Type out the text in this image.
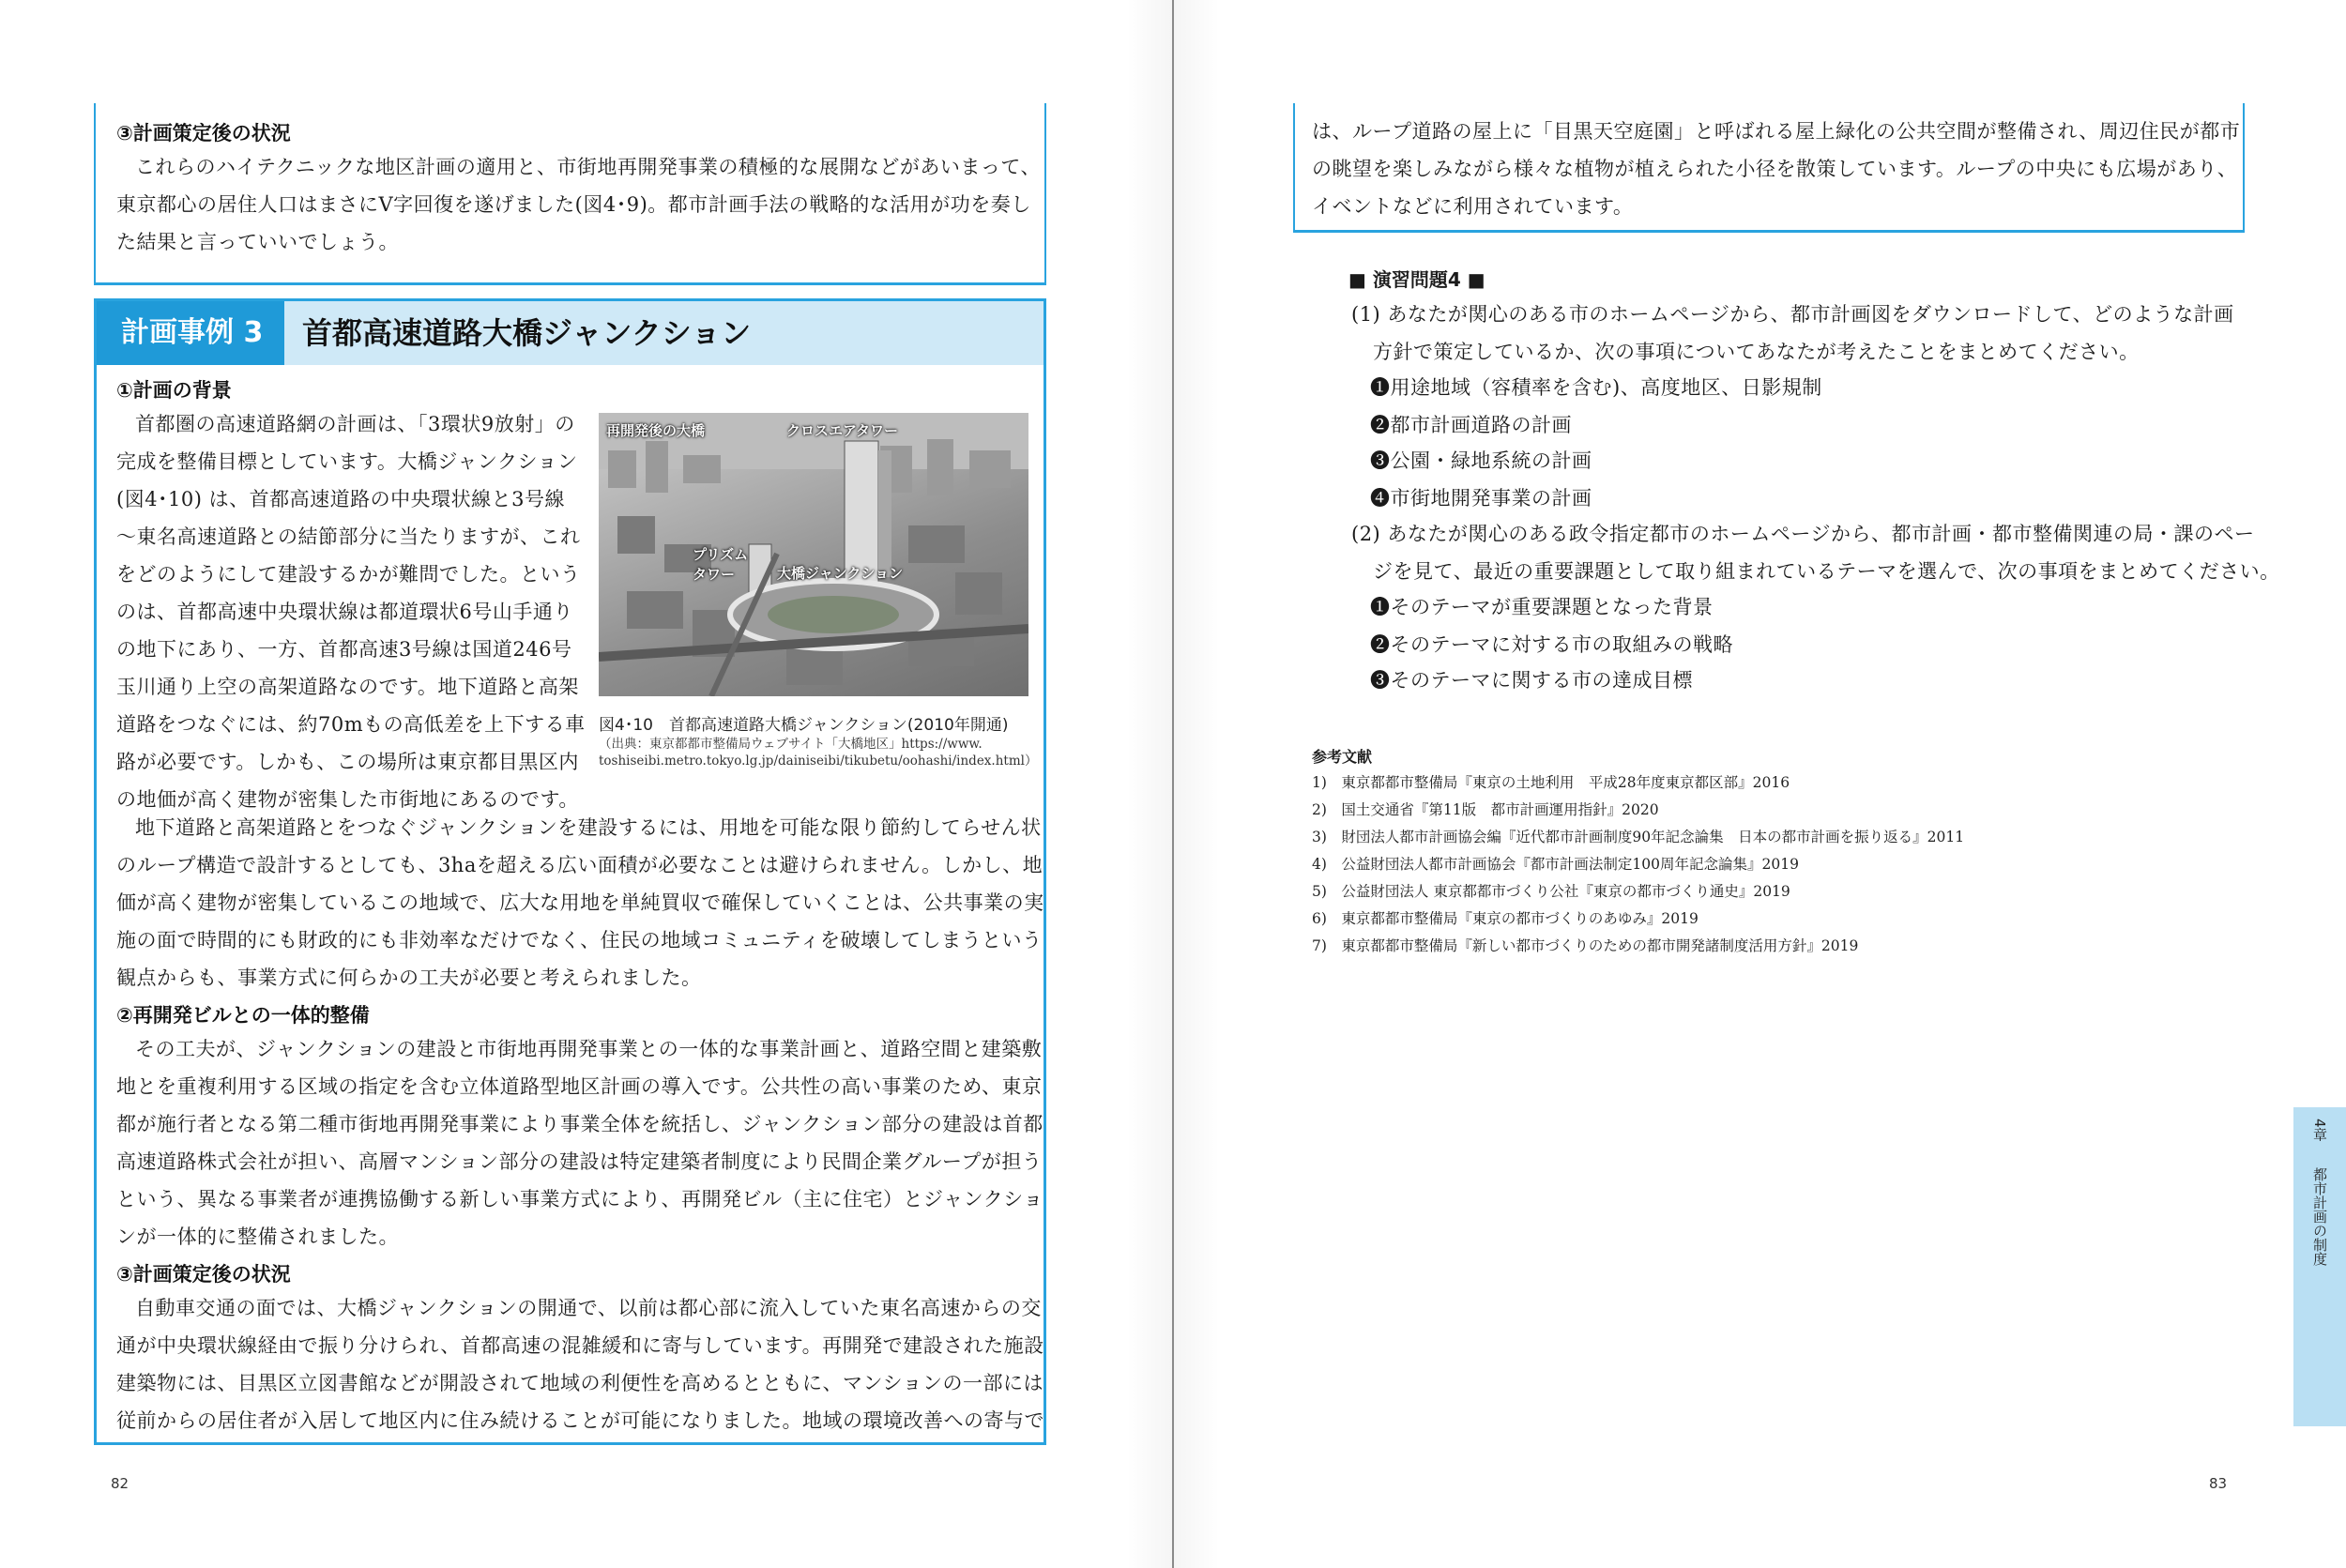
③計画策定後の状況
これらのハイテクニックな地区計画の適用と、市街地再開発事業の積極的な展開などがあいまって、
東京都心の居住人口はまさにV字回復を遂げました(図4･9)。都市計画手法の戦略的な活用が功を奏し
た結果と言っていいでしょう。
計画事例 3	首都高速道路大橋ジャンクション
①計画の背景
首都圏の高速道路網の計画は、「3環状9放射」の
完成を整備目標としています。大橋ジャンクション
(図4･10) は、首都高速道路の中央環状線と3号線
～東名高速道路との結節部分に当たりますが、これ
をどのようにして建設するかが難問でした。という
のは、首都高速中央環状線は都道環状6号山手通り
の地下にあり、一方、首都高速3号線は国道246号
玉川通り上空の高架道路なのです。地下道路と高架
道路をつなぐには、約70mもの高低差を上下する車
路が必要です。しかも、この場所は東京都目黒区内
の地価が高く建物が密集した市街地にあるのです。
再開発後の大橋	クロスエアタワー
プリズム
タワー	大橋ジャンクション
図4･10　首都高速道路大橋ジャンクション(2010年開通)
（出典：東京都都市整備局ウェブサイト「大橋地区」https://www.
toshiseibi.metro.tokyo.lg.jp/dainiseibi/tikubetu/oohashi/index.html）
地下道路と高架道路とをつなぐジャンクションを建設するには、用地を可能な限り節約してらせん状
のループ構造で設計するとしても、3haを超える広い面積が必要なことは避けられません。しかし、地
価が高く建物が密集しているこの地域で、広大な用地を単純買収で確保していくことは、公共事業の実
施の面で時間的にも財政的にも非効率なだけでなく、住民の地域コミュニティを破壊してしまうという
観点からも、事業方式に何らかの工夫が必要と考えられました。
②再開発ビルとの一体的整備
その工夫が、ジャンクションの建設と市街地再開発事業との一体的な事業計画と、道路空間と建築敷
地とを重複利用する区域の指定を含む立体道路型地区計画の導入です。公共性の高い事業のため、東京
都が施行者となる第二種市街地再開発事業により事業全体を統括し、ジャンクション部分の建設は首都
高速道路株式会社が担い、高層マンション部分の建設は特定建築者制度により民間企業グループが担う
という、異なる事業者が連携協働する新しい事業方式により、再開発ビル（主に住宅）とジャンクショ
ンが一体的に整備されました。
③計画策定後の状況
自動車交通の面では、大橋ジャンクションの開通で、以前は都心部に流入していた東名高速からの交
通が中央環状線経由で振り分けられ、首都高速の混雑緩和に寄与しています。再開発で建設された施設
建築物には、目黒区立図書館などが開設されて地域の利便性を高めるとともに、マンションの一部には
従前からの居住者が入居して地区内に住み続けることが可能になりました。地域の環境改善への寄与で
82
は、ループ道路の屋上に「目黒天空庭園」と呼ばれる屋上緑化の公共空間が整備され、周辺住民が都市
の眺望を楽しみながら様々な植物が植えられた小径を散策しています。ループの中央にも広場があり、
イベントなどに利用されています。
■ 演習問題4 ■
(1) あなたが関心のある市のホームページから、都市計画図をダウンロードして、どのような計画
方針で策定しているか、次の事項についてあなたが考えたことをまとめてください。
❶用途地域（容積率を含む)、高度地区、日影規制
❷都市計画道路の計画
❸公園・緑地系統の計画
❹市街地開発事業の計画
(2) あなたが関心のある政令指定都市のホームページから、都市計画・都市整備関連の局・課のペー
ジを見て、最近の重要課題として取り組まれているテーマを選んで、次の事項をまとめてください。
❶そのテーマが重要課題となった背景
❷そのテーマに対する市の取組みの戦略
❸そのテーマに関する市の達成目標
参考文献
1)　東京都都市整備局『東京の土地利用　平成28年度東京都区部』2016
2)　国土交通省『第11版　都市計画運用指針』2020
3)　財団法人都市計画協会編『近代都市計画制度90年記念論集　日本の都市計画を振り返る』2011
4)　公益財団法人都市計画協会『都市計画法制定100周年記念論集』2019
5)　公益財団法人 東京都都市づくり公社『東京の都市づくり通史』2019
6)　東京都都市整備局『東京の都市づくりのあゆみ』2019
7)　東京都都市整備局『新しい都市づくりのための都市開発諸制度活用方針』2019
4章
都市計画の制度
83
